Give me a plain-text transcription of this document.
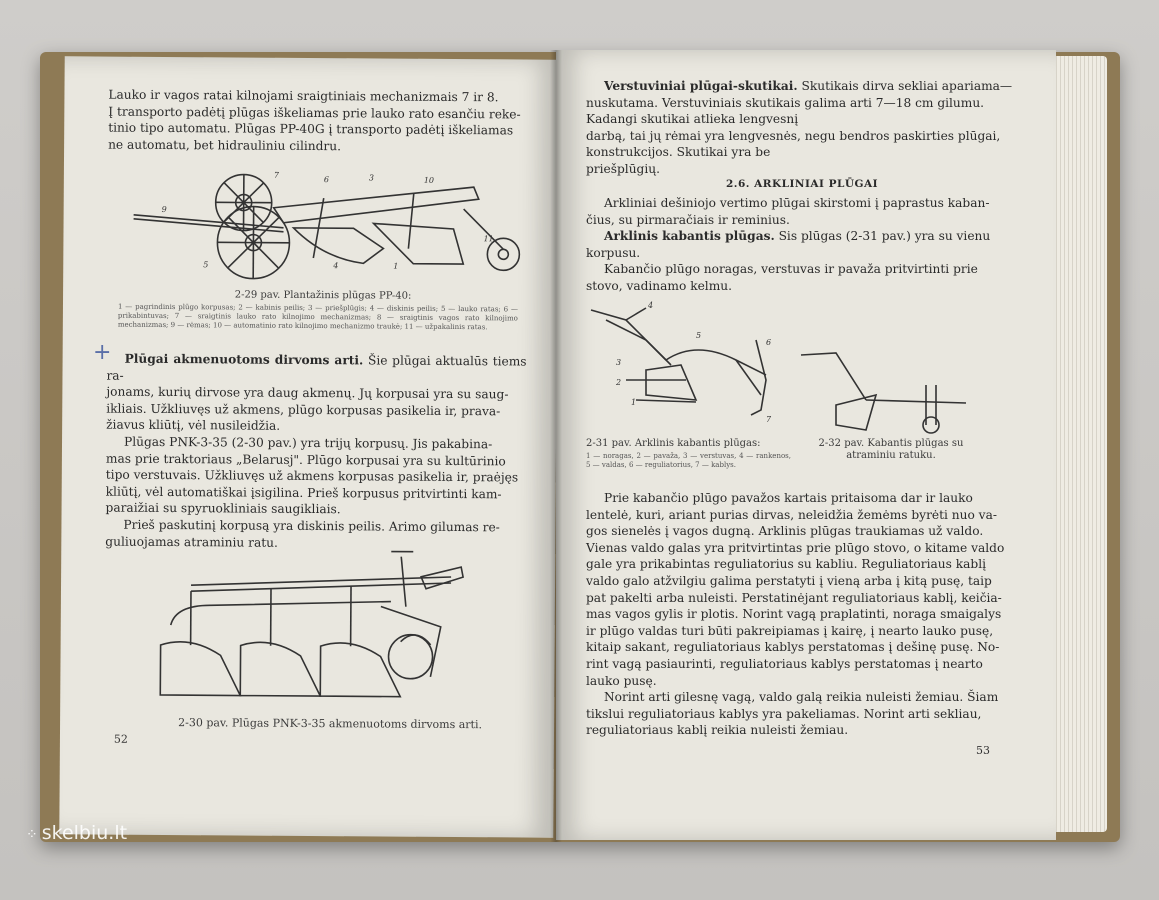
Lauko ir vagos ratai kilnojami sraigtiniais mechanizmais 7 ir 8.

Į transporto padėtį plūgas iškeliamas prie lauko rato esančiu reke-

tinio tipo automatu. Plūgas PP-40G į transporto padėtį iškeliamas

ne automatu, bet hidrauliniu cilindru.

9
7	6	3	10
5	4	1
11
2-29 pav. Plantažinis plūgas PP-40:
1 — pagrindinis plūgo korpusas; 2 — kabinis peilis; 3 — priešplūgis; 4 — diskinis peilis; 5 — lauko ratas; 6 — prikabintuvas; 7 — sraigtinis lauko rato kilnojimo mechanizmas; 8 — sraigtinis vagos rato kilnojimo mechanizmas; 9 — rėmas; 10 — automatinio rato kilnojimo mechanizmo traukė; 11 — užpakalinis ratas.

Plūgai akmenuotoms dirvoms arti. Šie plūgai aktualūs tiems ra-

jonams, kurių dirvose yra daug akmenų. Jų korpusai yra su saug-

ikliais. Užkliuvęs už akmens, plūgo korpusas pasikelia ir, prava-

žiavus kliūtį, vėl nusileidžia.

Plūgas PNK-3-35 (2-30 pav.) yra trijų korpusų. Jis pakabina-

mas prie traktoriaus „Belarusj". Plūgo korpusai yra su kultūrinio

tipo verstuvais. Užkliuvęs už akmens korpusas pasikelia ir, praėjęs

kliūtį, vėl automatiškai įsigilina. Prieš korpusus pritvirtinti kam-

paraižiai su spyruokliniais saugikliais.

Prieš paskutinį korpusą yra diskinis peilis. Arimo gilumas re-

guliuojamas atraminiu ratu.

2-30 pav. Plūgas PNK-3-35 akmenuotoms dirvoms arti.
52
+

Verstuviniai plūgai-skutikai. Skutikais dirva sekliai apariama—

nuskutama. Verstuviniais skutikais galima arti 7—18 cm gilumu.

Kadangi skutikai atlieka lengvesnį

darbą, tai jų rėmai yra lengvesnės, negu bendros paskirties plūgai,

konstrukcijos. Skutikai yra be

priešplūgių.

2.6. ARKLINIAI PLŪGAI

Arkliniai dešiniojo vertimo plūgai skirstomi į paprastus kaban-

čius, su pirmaračiais ir reminius.

Arklinis kabantis plūgas. Sis plūgas (2-31 pav.) yra su vienu

korpusu.

Kabančio plūgo noragas, verstuvas ir pavaža pritvirtinti prie

stovo, vadinamo kelmu.

4
5
3
2
1
6
7
2-31 pav. Arklinis kabantis plūgas:
1 — noragas, 2 — pavaža, 3 — verstuvas, 4 — rankenos, 5 — valdas, 6 — reguliatorius, 7 — kablys.
2-32 pav. Kabantis plūgas su atraminiu ratuku.

Prie kabančio plūgo pavažos kartais pritaisoma dar ir lauko

lentelė, kuri, ariant purias dirvas, neleidžia žemėms byrėti nuo va-

gos sienelės į vagos dugną. Arklinis plūgas traukiamas už valdo.

Vienas valdo galas yra pritvirtintas prie plūgo stovo, o kitame valdo

gale yra prikabintas reguliatorius su kabliu. Reguliatoriaus kablį

valdo galo atžvilgiu galima perstatyti į vieną arba į kitą pusę, taip

pat pakelti arba nuleisti. Perstatinėjant reguliatoriaus kablį, keičia-

mas vagos gylis ir plotis. Norint vagą praplatinti, noraga smaigalys

ir plūgo valdas turi būti pakreipiamas į kairę, į nearto lauko pusę,

kitaip sakant, reguliatoriaus kablys perstatomas į dešinę pusę. No-

rint vagą pasiaurinti, reguliatoriaus kablys perstatomas į nearto

lauko pusę.

Norint arti gilesnę vagą, valdo galą reikia nuleisti žemiau. Šiam

tikslui reguliatoriaus kablys yra pakeliamas. Norint arti sekliau,

reguliatoriaus kablį reikia nuleisti žemiau.

53
⁘ skelbiu.lt
